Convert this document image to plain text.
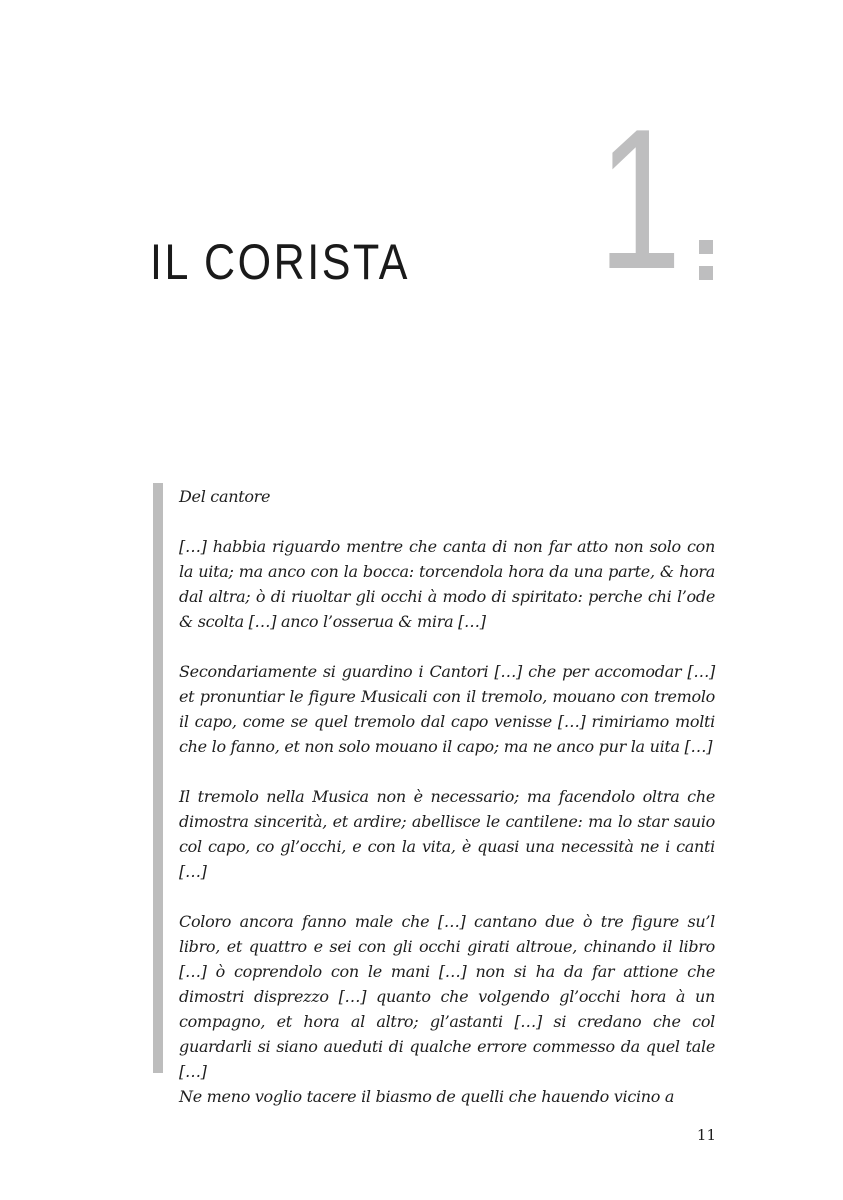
IL CORISTA 1

Del cantore

[…] habbia riguardo mentre che canta di non far atto non solo con la uita; ma anco con la bocca: torcendola hora da una parte, & hora dal altra; ò di riuoltar gli occhi à modo di spiritato: perche chi l’ode & scolta […] anco l’osserua & mira […]

Secondariamente si guardino i Cantori […] che per accomodar […] et pronuntiar le figure Musicali con il tremolo, mouano con tremolo il capo, come se quel tremolo dal capo venisse […] rimiriamo molti che lo fanno, et non solo mouano il capo; ma ne anco pur la uita […]

Il tremolo nella Musica non è necessario; ma facendolo oltra che dimostra sincerità, et ardire; abellisce le cantilene: ma lo star sauio col capo, co gl’occhi, e con la vita, è quasi una necessità ne i canti […]

Coloro ancora fanno male che […] cantano due ò tre figure su’l libro, et quattro e sei con gli occhi girati altroue, chinando il libro […] ò coprendolo con le mani […] non si ha da far attione che dimostri disprezzo […] quanto che volgendo gl’occhi hora à un compagno, et hora al altro; gl’astanti […] si credano che col guardarli si siano aueduti di qualche errore commesso da quel tale […]

Ne meno voglio tacere il biasmo de quelli che hauendo vicino a

11
